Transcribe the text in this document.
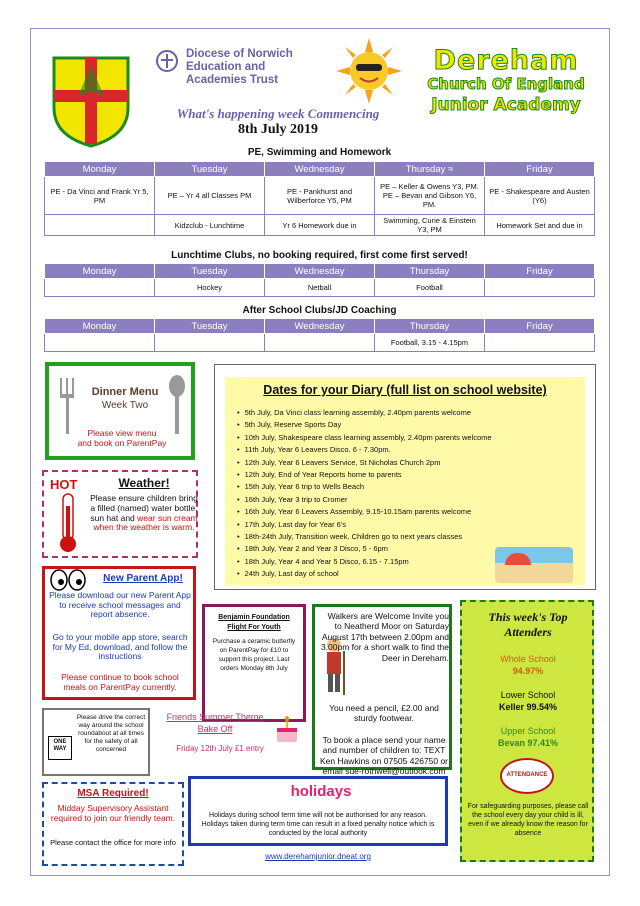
Diocese of Norwich
Education and
Academies Trust
Dereham
Church Of England
Junior Academy
What's happening week Commencing
8th July 2019
PE, Swimming and Homework
Monday	Tuesday	Wednesday	Thursday ≈	Friday
PE - Da Vinci and Frank Yr 5, PM	PE – Yr 4 all Classes PM	PE - Pankhurst and Wilberforce Y5, PM	PE – Keller & Owens Y3, PM. PE – Bevan and Gibson Y6, PM.	PE - Shakespeare and Austen (Y6)
	Kidzclub - Lunchtime	Yr 6 Homework due in	Swimming, Curie & Einstein Y3, PM	Homework Set and due in
Lunchtime Clubs, no booking required, first come first served!
Monday	Tuesday	Wednesday	Thursday	Friday
	Hockey	Netball	Football	
After School Clubs/JD Coaching
Monday	Tuesday	Wednesday	Thursday	Friday
			Football, 3.15 - 4.15pm	
Dinner Menu
Week Two
Please view menu
and book on ParentPay
HOT	Weather!
Please ensure children bring a filled (named) water bottle, sun hat and wear sun cream when the weather is warm.
New Parent App!
Please download our new Parent App to receive school messages and report absence.
Go to your mobile app store, search for My Ed, download, and follow the instructions
Please continue to book school meals on ParentPay currently.
ONE WAY
Please drive the correct way around the school roundabout at all times for the safety of all concerned
MSA Required!
Midday Supervisory Assistant required to join our friendly team.
Please contact the office for more info
Dates for your Diary (full list on school website)
• 5th July, Da Vinci class learning assembly, 2.40pm parents welcome
• 5th July, Reserve Sports Day
• 10th July, Shakespeare class learning assembly, 2.40pm parents welcome
• 11th July, Year 6 Leavers Disco. 6 - 7.30pm.
• 12th July, Year 6 Leavers Service, St Nicholas Church 2pm
• 12th July, End of Year Reports home to parents
• 15th July, Year 6 trip to Wells Beach
• 16th July, Year 3 trip to Cromer
• 16th July, Year 6 Leavers Assembly, 9.15-10.15am parents welcome
• 17th July, Last day for Year 6's
• 18th-24th July, Transition week. Children go to next years classes
• 18th July, Year 2 and Year 3 Disco, 5 - 6pm
• 18th July, Year 4 and Year 5 Disco, 6.15 - 7.15pm
• 24th July, Last day of school
Benjamin Foundation Flight For Youth
Purchase a ceramic butterfly on ParentPay for £10 to support this project. Last orders Monday 8th July
Walkers are Welcome Invite you to Neatherd Moor on Saturday August 17th between 2.00pm and 3.00pm for a short walk to find the Deer in Dereham.
You need a pencil, £2.00 and sturdy footwear.
To book a place send your name and number of children to: TEXT Ken Hawkins on 07505 426750 or email sue-rothwell@outlook.com
Friends Summer Theme
Bake Off
Friday 12th July £1 entry
holidays
Holidays during school term time will not be authorised for any reason. Holidays taken during term time can result in a fixed penalty notice which is conducted by the local authority
www.derehamjunior.dneat.org
This week's Top Attenders
Whole School
94.97%
Lower School
Keller 99.54%
Upper School
Bevan 97.41%
ATTENDANCE
For safeguarding purposes, please call the school every day your child is ill, even if we already know the reason for absence
